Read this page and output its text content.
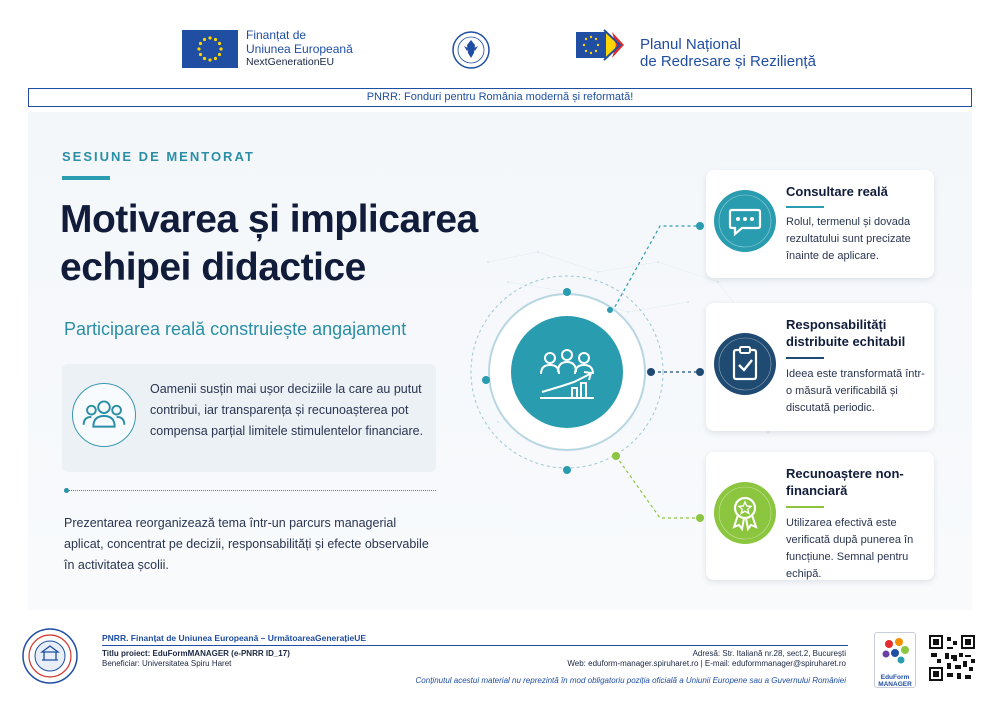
Finanțat de
Uniunea Europeană
NextGenerationEU
Planul Național
de Redresare și Reziliență
PNRR: Fonduri pentru România modernă și reformată!
SESIUNE DE MENTORAT
Motivarea și implicarea
echipei didactice
Participarea reală construiește angajament
Oamenii susțin mai ușor deciziile la care au putut contribui, iar transparența și recunoașterea pot compensa parțial limitele stimulentelor financiare.
Prezentarea reorganizează tema într-un parcurs managerial aplicat, concentrat pe decizii, responsabilități și efecte observabile în activitatea școlii.
Consultare reală
Rolul, termenul și dovada rezultatului sunt precizate înainte de aplicare.
Responsabilități distribuite echitabil
Ideea este transformată într-o măsură verificabilă și discutată periodic.
Recunoaștere non-financiară
Utilizarea efectivă este verificată după punerea în funcțiune. Semnal pentru echipă.
PNRR. Finanțat de Uniunea Europeană – UrmătoareaGenerațieUE
Titlu proiect: EduFormMANAGER (e-PNRR ID_17)
Beneficiar: Universitatea Spiru Haret
Adresă: Str. Italiană nr.28, sect.2, București
Web: eduform-manager.spiruharet.ro | E-mail: eduformmanager@spiruharet.ro
Conținutul acestui material nu reprezintă în mod obligatoriu poziția oficială a Uniunii Europene sau a Guvernului României	EduForm
MANAGER
